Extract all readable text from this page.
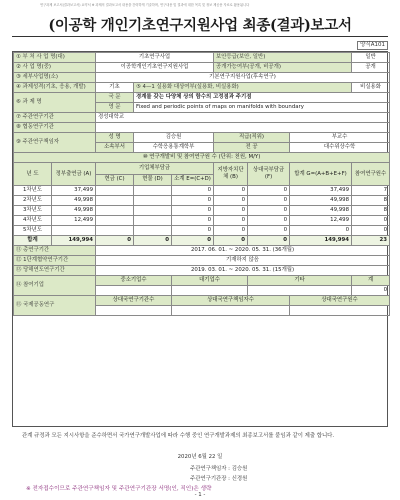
연구과제 보고서(결과보고서) 요약서 ※ 과제의 결과보고서 내용을 간략하게 기술하며, 연구내용 및 결과에 대한 목록 및 정보 제공용 자료로 활용됩니다
(이공학 개인기초연구지원사업 최종(결과)보고서
양식A101
① 부 처 사 업 명(대)		기초연구사업			보안등급(보안, 일반)			일반
② 사 업 명(중)		이공학개인기초연구지원사업			공개가능여부(공개, 비공개)			공개
③ 세부사업명(소)		기본연구지원사업(후속연구)						
④ 과제성격(기초, 응용, 개발)		기초	⑤ 4—1 실용화 대상여부(실용화, 비실용화)					비실용화
⑥ 과 제 명		국 문	경계를 갖는 다양체 상의 함수의 고정점과 주기점					
		영 문	Fixed and periodic points of maps on manifolds with boundary					
⑦ 주관연구기관		경성대학교						
⑧ 협동연구기관								
⑨ 주관연구책임자		성 명	김승원		직급(직위)		부교수	
		소속부서	수학응용통계학부		전 공		대수위상수학	
⑩ 연구개발비 및 참여연구원 수 (단위: 천원, M/Y)								
년 도	정부출연금 (A)	기업체부담금			지방자치단체 (B)	상대국부담금 (F)	합계 G=(A+B+E+F)	참여연구원수
		현금 (C)	현물 (D)	소계 E=(C+D)				
1차년도	37,499			0	0	0	37,499	7
2차년도	49,998			0	0	0	49,998	8
3차년도	49,998			0	0	0	49,998	8
4차년도	12,499			0	0	0	12,499	0
5차년도				0	0	0	0	0
합계	149,994	0	0	0	0	0	149,994	23
⑪ 총연구기간		2017. 06. 01. ~ 2020. 05. 31. (36개월)						
⑫ 1단계협약연구기간		기재하지 않음						
⑬ 당해연도연구기간		2019. 03. 01. ~ 2020. 05. 31. (15개월)						
⑭ 참여기업		중소기업수		대기업수		기타		계
								0
⑮ 국제공동연구		상대국연구기관수		상대국연구책임자수			상대국연구원수	

관계 규정과 모든 지시사항을 준수하면서 국가연구개발사업에 따라 수행 중인 연구개발과제의 최종보고서를 붙임과 같이 제출 합니다.
2020년 6월 22 일
주관연구책임자 : 김승원
주관연구기관장 : 신경원
※ 전자접수이므로 주관연구책임자 및 주관연구기관장 서명(인, 직인)은 생략
- 1 -
